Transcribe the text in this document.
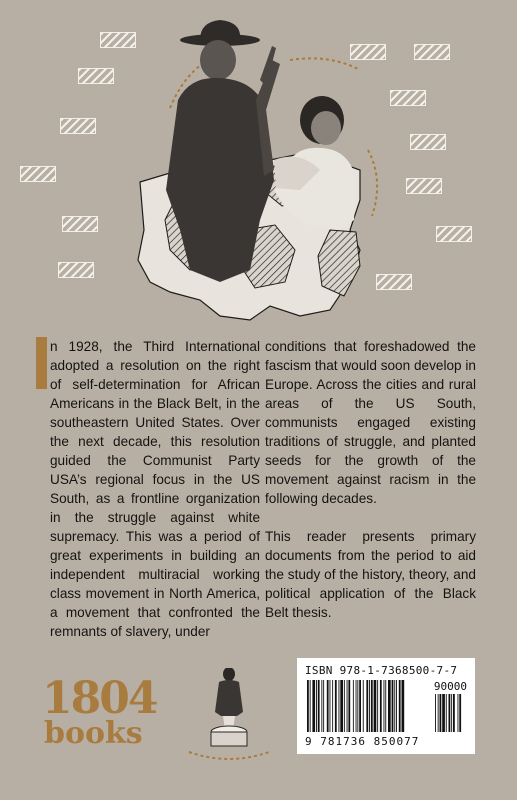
n 1928, the Third International adopted a resolution on the right of self-determination for African Americans in the Black Belt, in the southeastern United States. Over the next decade, this resolution guided the Communist Party USA’s regional focus in the US South, as a frontline organization in the struggle against white supremacy. This was a period of great experiments in building an independent multiracial working class movement in North America, a movement that confronted the remnants of slavery, under

conditions that foreshadowed the fascism that would soon develop in Europe. Across the cities and rural areas of the US South, communists engaged existing traditions of struggle, and planted seeds for the growth of the movement against racism in the following decades.

This reader presents primary documents from the period to aid the study of the history, theory, and political application of the Black Belt thesis.

1804
books
ISBN 978-1-7368500-7-7
90000
9 781736 850077
